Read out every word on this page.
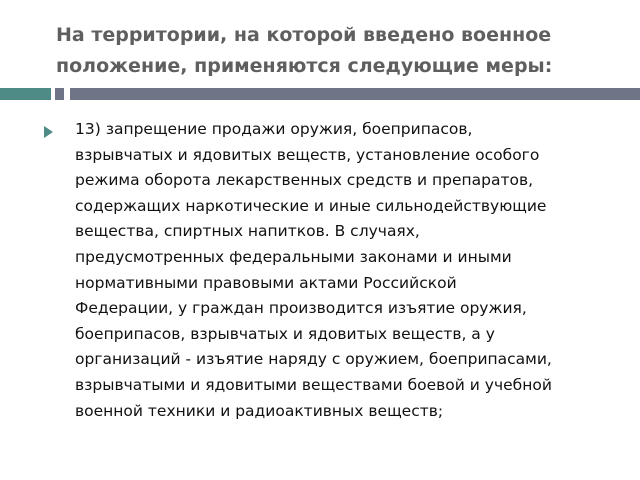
На территории, на которой введено военное
положение, применяются следующие меры:
13) запрещение продажи оружия, боеприпасов,
взрывчатых и ядовитых веществ, установление особого
режима оборота лекарственных средств и препаратов,
содержащих наркотические и иные сильнодействующие
вещества, спиртных напитков. В случаях,
предусмотренных федеральными законами и иными
нормативными правовыми актами Российской
Федерации, у граждан производится изъятие оружия,
боеприпасов, взрывчатых и ядовитых веществ, а у
организаций - изъятие наряду с оружием, боеприпасами,
взрывчатыми и ядовитыми веществами боевой и учебной
военной техники и радиоактивных веществ;
